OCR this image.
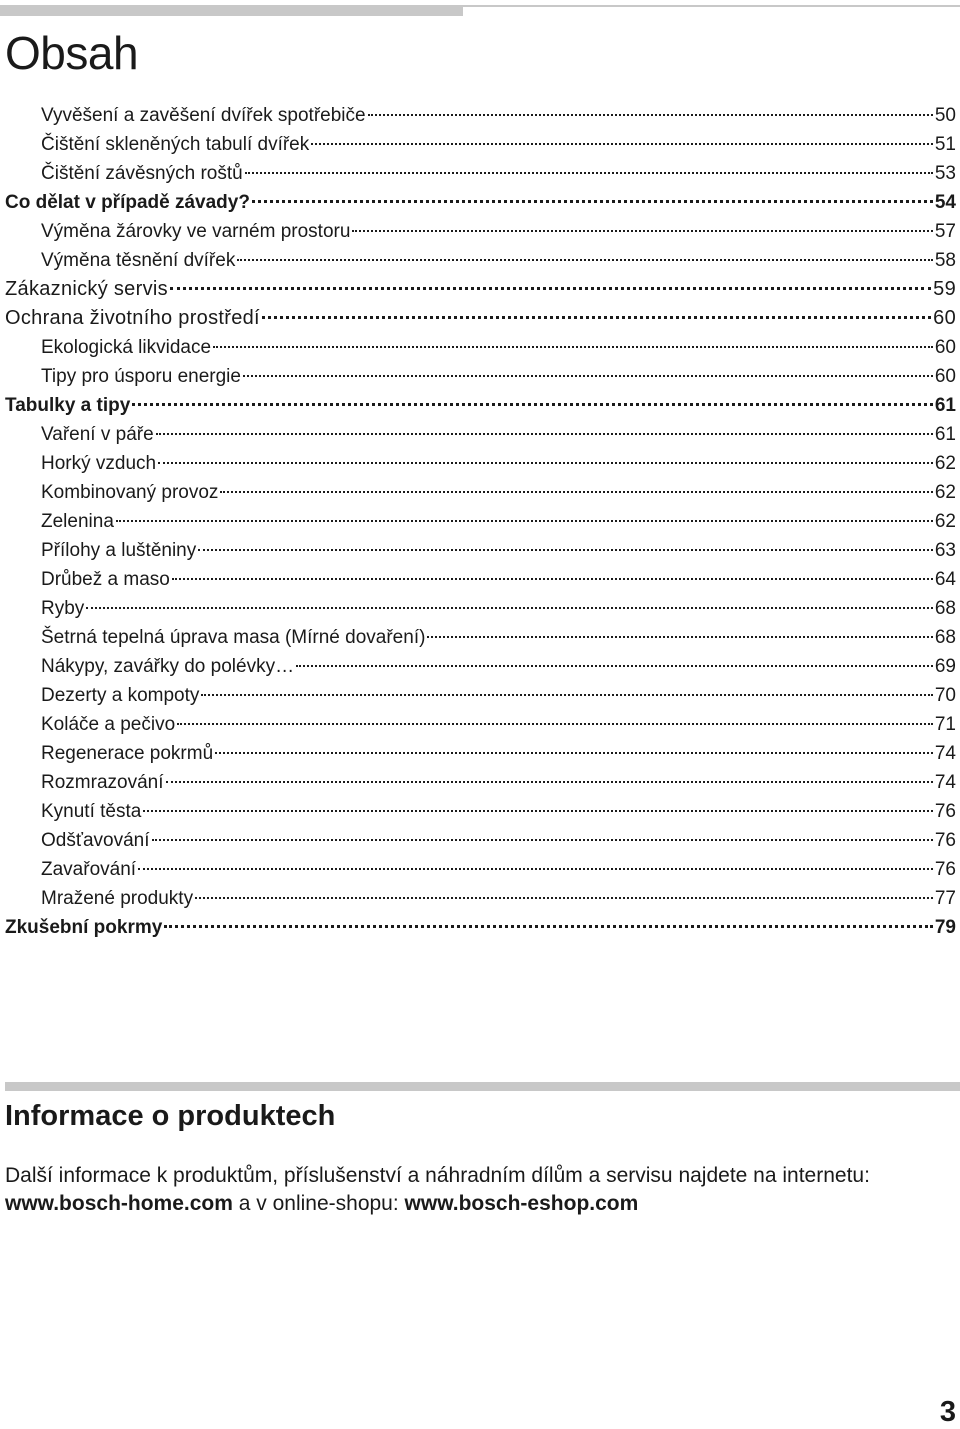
Obsah
Vyvěšení a zavěšení dvířek spotřebiče	50
Čištění skleněných tabulí dvířek	51
Čištění závěsných roštů	53
Co dělat v případě závady?	54
Výměna žárovky ve varném prostoru	57
Výměna těsnění dvířek	58
Zákaznický servis	59
Ochrana životního prostředí	60
Ekologická likvidace	60
Tipy pro úsporu energie	60
Tabulky a tipy	61
Vaření v páře	61
Horký vzduch	62
Kombinovaný provoz	62
Zelenina	62
Přílohy a luštěniny	63
Drůbež a maso	64
Ryby	68
Šetrná tepelná úprava masa (Mírné dovaření)	68
Nákypy, zavářky do polévky…	69
Dezerty a kompoty	70
Koláče a pečivo	71
Regenerace pokrmů	74
Rozmrazování	74
Kynutí těsta	76
Odšťavování	76
Zavařování	76
Mražené produkty	77
Zkušební pokrmy	79
Informace o produktech

Další informace k produktům, příslušenství a náhradním dílům a servisu najdete na internetu: www.bosch-home.com a v online-shopu: www.bosch-eshop.com

3
